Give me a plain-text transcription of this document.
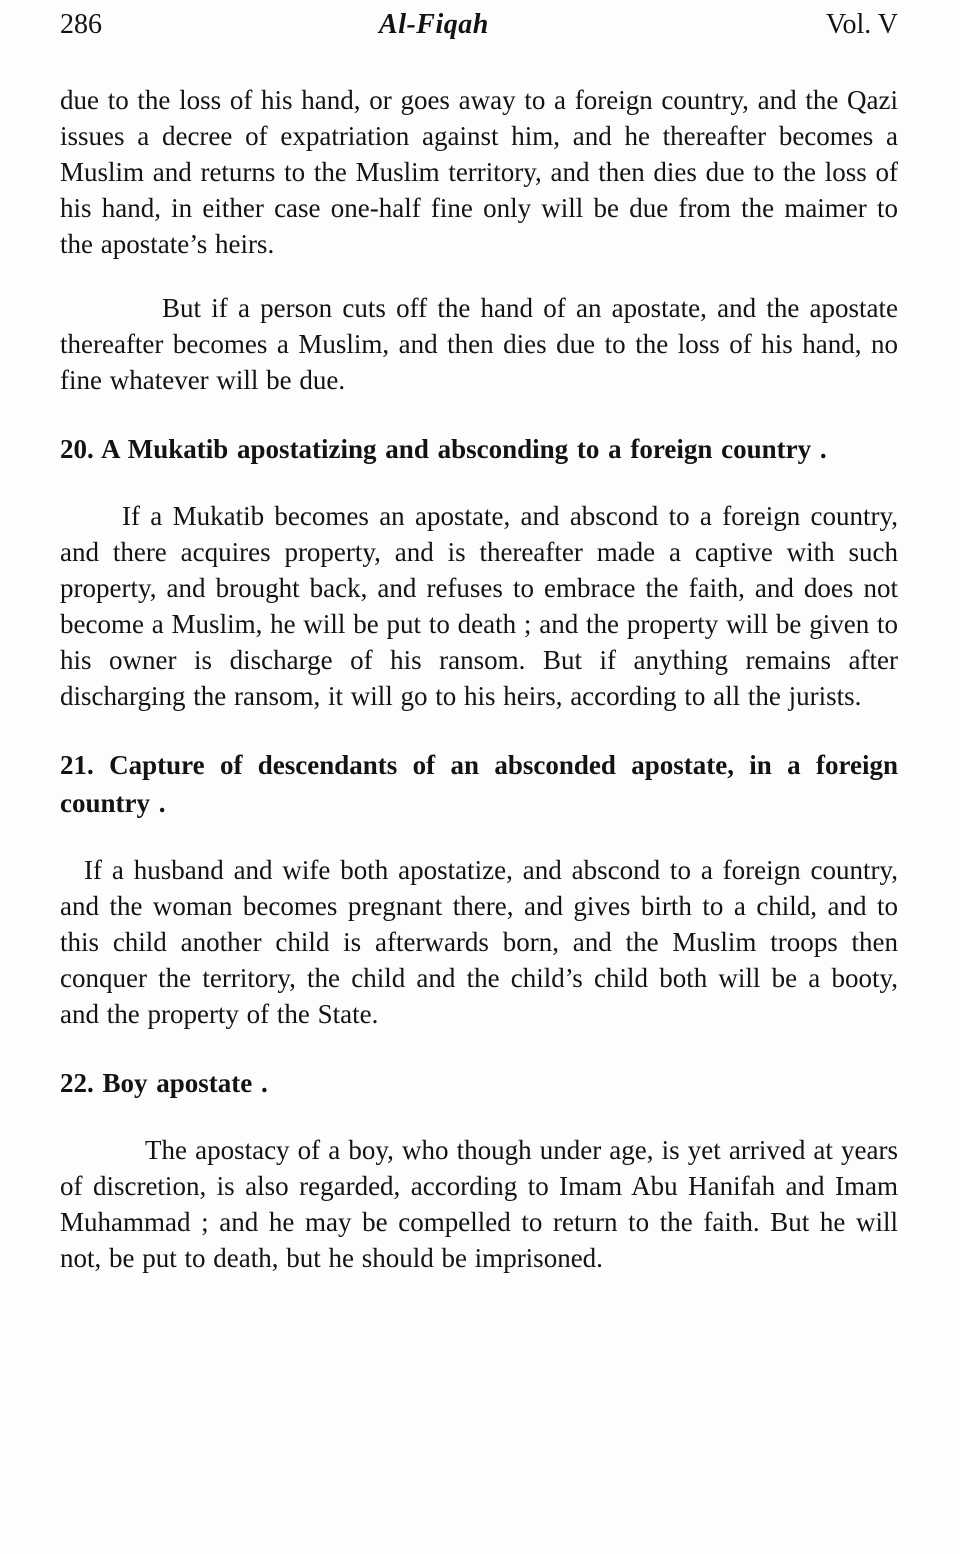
286	Al-Fiqah	Vol. V

due to the loss of his hand, or goes away to a foreign country, and the Qazi issues a decree of expatriation against him, and he thereafter becomes a Muslim and returns to the Muslim territory, and then dies due to the loss of his hand, in either case one-half fine only will be due from the maimer to the apostate’s heirs.

But if a person cuts off the hand of an apostate, and the apostate thereafter becomes a Muslim, and then dies due to the loss of his hand, no fine whatever will be due.

20. A Mukatib apostatizing and absconding to a foreign country .

If a Mukatib becomes an apostate, and abscond to a foreign country, and there acquires property, and is thereafter made a captive with such property, and brought back, and refuses to embrace the faith, and does not become a Muslim, he will be put to death ; and the property will be given to his owner is discharge of his ransom. But if anything remains after discharging the ransom, it will go to his heirs, according to all the jurists.

21. Capture of descendants of an absconded apostate, in a foreign country .

If a husband and wife both apostatize, and abscond to a foreign country, and the woman becomes pregnant there, and gives birth to a child, and to this child another child is afterwards born, and the Muslim troops then conquer the territory, the child and the child’s child both will be a booty, and the property of the State.

22. Boy apostate .

The apostacy of a boy, who though under age, is yet arrived at years of discretion, is also regarded, according to Imam Abu Hanifah and Imam Muhammad ; and he may be compelled to return to the faith. But he will not, be put to death, but he should be imprisoned.
